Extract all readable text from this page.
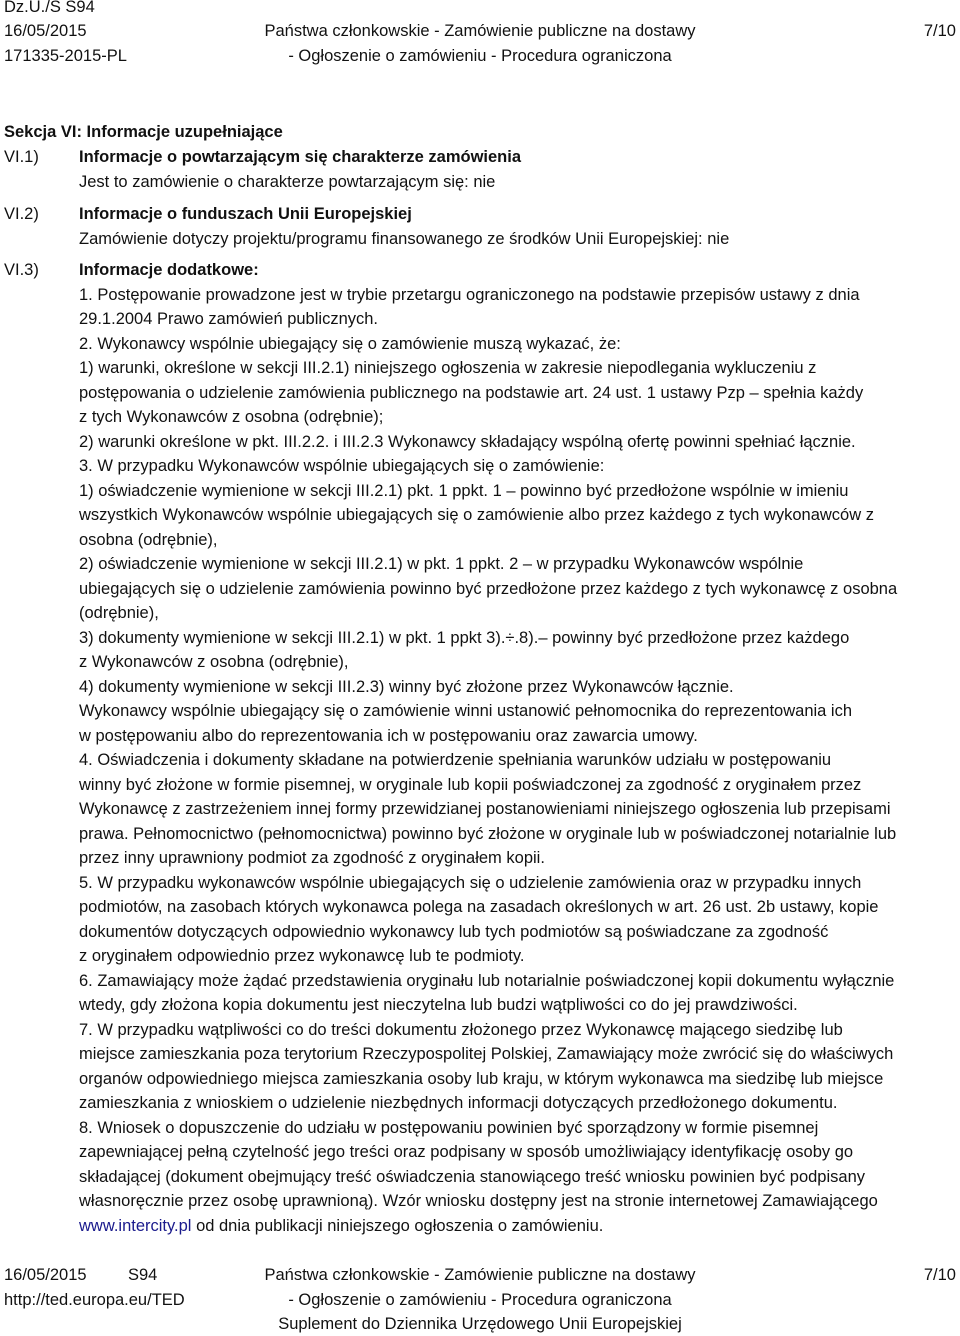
Dz.U./S S94
16/05/2015
171335-2015-PL
Państwa członkowskie - Zamówienie publiczne na dostawy
- Ogłoszenie o zamówieniu - Procedura ograniczona
7/10
Sekcja VI: Informacje uzupełniające
VI.1) Informacje o powtarzającym się charakterze zamówienia
Jest to zamówienie o charakterze powtarzającym się: nie
VI.2) Informacje o funduszach Unii Europejskiej
Zamówienie dotyczy projektu/programu finansowanego ze środków Unii Europejskiej: nie
VI.3) Informacje dodatkowe:
1. Postępowanie prowadzone jest w trybie przetargu ograniczonego na podstawie przepisów ustawy z dnia
29.1.2004 Prawo zamówień publicznych.
2. Wykonawcy wspólnie ubiegający się o zamówienie muszą wykazać, że:
1) warunki, określone w sekcji III.2.1) niniejszego ogłoszenia w zakresie niepodlegania wykluczeniu z
postępowania o udzielenie zamówienia publicznego na podstawie art. 24 ust. 1 ustawy Pzp – spełnia każdy
z tych Wykonawców z osobna (odrębnie);
2) warunki określone w pkt. III.2.2. i III.2.3 Wykonawcy składający wspólną ofertę powinni spełniać łącznie.
3. W przypadku Wykonawców wspólnie ubiegających się o zamówienie:
1) oświadczenie wymienione w sekcji III.2.1) pkt. 1 ppkt. 1 – powinno być przedłożone wspólnie w imieniu
wszystkich Wykonawców wspólnie ubiegających się o zamówienie albo przez każdego z tych wykonawców z
osobna (odrębnie),
2) oświadczenie wymienione w sekcji III.2.1) w pkt. 1 ppkt. 2 – w przypadku Wykonawców wspólnie
ubiegających się o udzielenie zamówienia powinno być przedłożone przez każdego z tych wykonawcę z osobna
(odrębnie),
3) dokumenty wymienione w sekcji III.2.1) w pkt. 1 ppkt 3).÷.8).– powinny być przedłożone przez każdego
z Wykonawców z osobna (odrębnie),
4) dokumenty wymienione w sekcji III.2.3) winny być złożone przez Wykonawców łącznie.
Wykonawcy wspólnie ubiegający się o zamówienie winni ustanowić pełnomocnika do reprezentowania ich
w postępowaniu albo do reprezentowania ich w postępowaniu oraz zawarcia umowy.
4. Oświadczenia i dokumenty składane na potwierdzenie spełniania warunków udziału w postępowaniu
winny być złożone w formie pisemnej, w oryginale lub kopii poświadczonej za zgodność z oryginałem przez
Wykonawcę z zastrzeżeniem innej formy przewidzianej postanowieniami niniejszego ogłoszenia lub przepisami
prawa. Pełnomocnictwo (pełnomocnictwa) powinno być złożone w oryginale lub w poświadczonej notarialnie lub
przez inny uprawniony podmiot za zgodność z oryginałem kopii.
5. W przypadku wykonawców wspólnie ubiegających się o udzielenie zamówienia oraz w przypadku innych
podmiotów, na zasobach których wykonawca polega na zasadach określonych w art. 26 ust. 2b ustawy, kopie
dokumentów dotyczących odpowiednio wykonawcy lub tych podmiotów są poświadczane za zgodność
z oryginałem odpowiednio przez wykonawcę lub te podmioty.
6. Zamawiający może żądać przedstawienia oryginału lub notarialnie poświadczonej kopii dokumentu wyłącznie
wtedy, gdy złożona kopia dokumentu jest nieczytelna lub budzi wątpliwości co do jej prawdziwości.
7. W przypadku wątpliwości co do treści dokumentu złożonego przez Wykonawcę mającego siedzibę lub
miejsce zamieszkania poza terytorium Rzeczypospolitej Polskiej, Zamawiający może zwrócić się do właściwych
organów odpowiedniego miejsca zamieszkania osoby lub kraju, w którym wykonawca ma siedzibę lub miejsce
zamieszkania z wnioskiem o udzielenie niezbędnych informacji dotyczących przedłożonego dokumentu.
8. Wniosek o dopuszczenie do udziału w postępowaniu powinien być sporządzony w formie pisemnej
zapewniającej pełną czytelność jego treści oraz podpisany w sposób umożliwiający identyfikację osoby go
składającej (dokument obejmujący treść oświadczenia stanowiącego treść wniosku powinien być podpisany
własnoręcznie przez osobę uprawnioną). Wzór wniosku dostępny jest na stronie internetowej Zamawiającego
www.intercity.pl od dnia publikacji niniejszego ogłoszenia o zamówieniu.
16/05/2015	S94
http://ted.europa.eu/TED
Państwa członkowskie - Zamówienie publiczne na dostawy
- Ogłoszenie o zamówieniu - Procedura ograniczona
Suplement do Dziennika Urzędowego Unii Europejskiej
7/10
